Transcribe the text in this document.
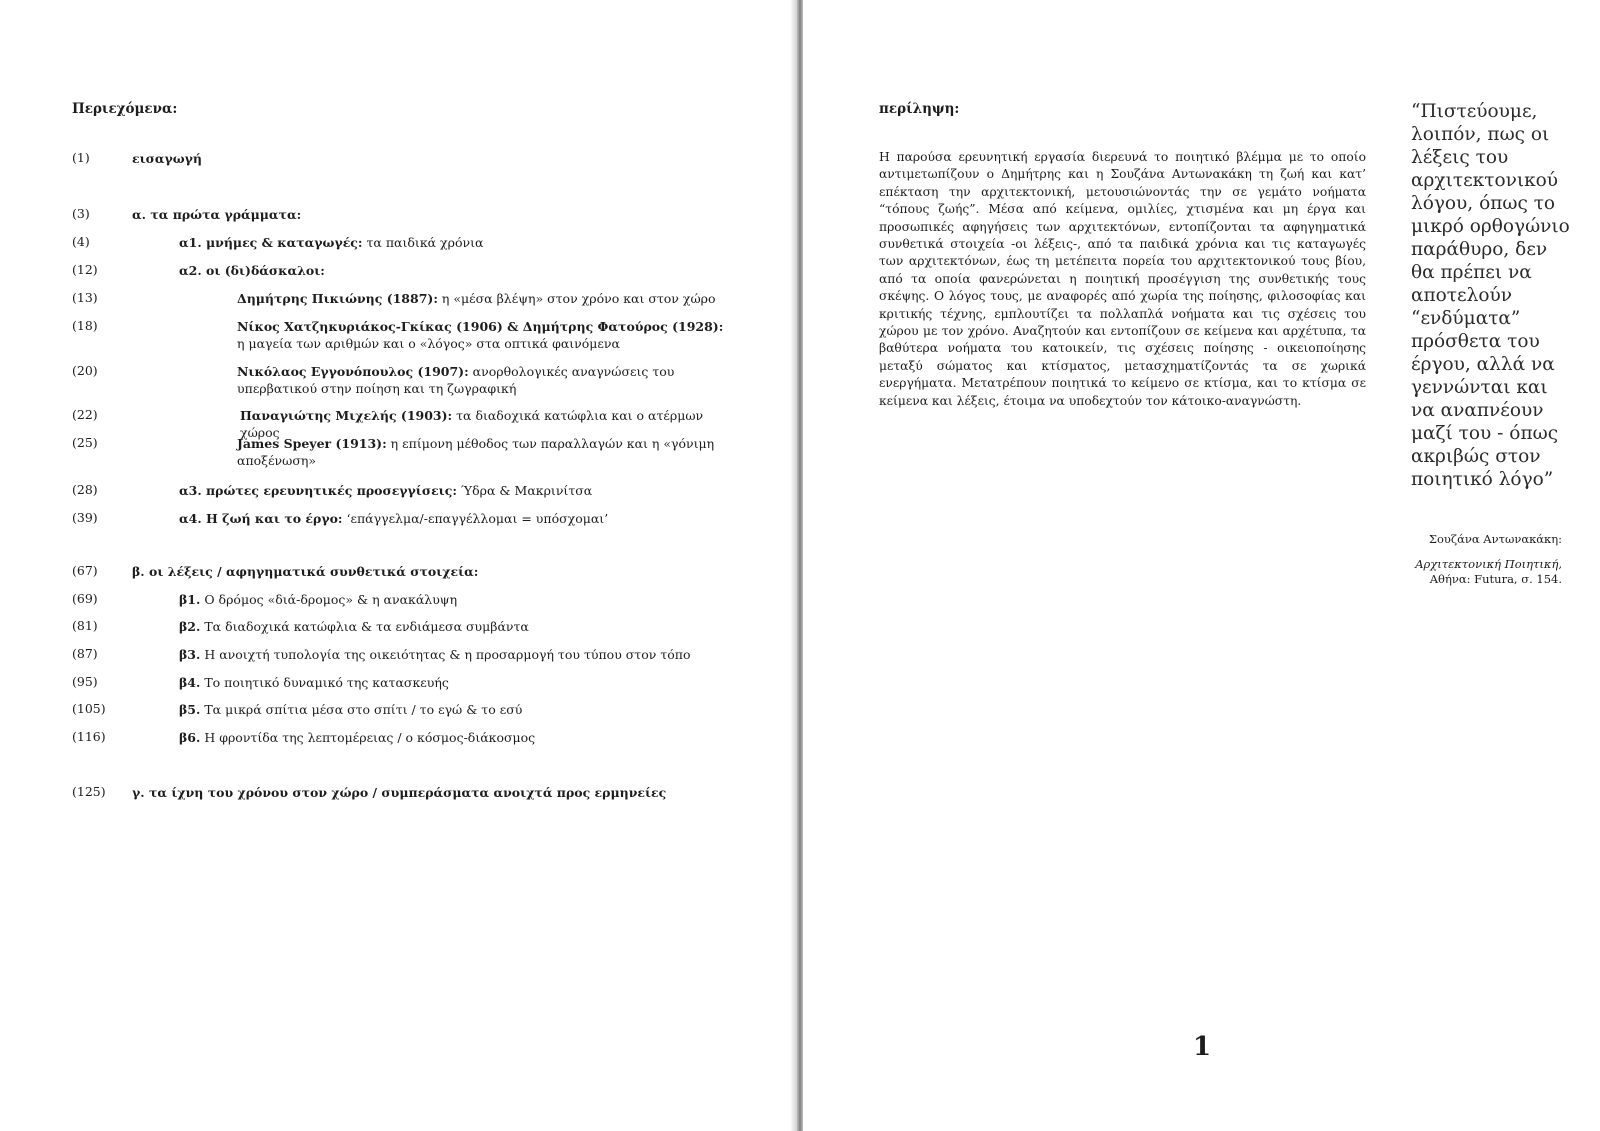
Περιεχόμενα:
(1)	εισαγωγή
(3)	α. τα πρώτα γράμματα:
(4)	α1. μνήμες & καταγωγές: τα παιδικά χρόνια
(12)	α2. οι (δι)δάσκαλοι:
(13)	Δημήτρης Πικιώνης (1887): η «μέσα βλέψη» στον χρόνο και στον χώρο
(18)	Νίκος Χατζηκυριάκος-Γκίκας (1906) & Δημήτρης Φατούρος (1928): η μαγεία των αριθμών και ο «λόγος» στα οπτικά φαινόμενα
(20)	Νικόλαος Εγγονόπουλος (1907): ανορθολογικές αναγνώσεις του υπερβατικού στην ποίηση και τη ζωγραφική
(22)	Παναγιώτης Μιχελής (1903): τα διαδοχικά κατώφλια και ο ατέρμων χώρος
(25)	James Speyer (1913): η επίμονη μέθοδος των παραλλαγών και η «γόνιμη αποξένωση»
(28)	α3. πρώτες ερευνητικές προσεγγίσεις: Ύδρα & Μακρινίτσα
(39)	α4. Η ζωή και το έργο: ‘επάγγελμα/-επαγγέλλομαι = υπόσχομαι’
(67)	β. οι λέξεις / αφηγηματικά συνθετικά στοιχεία:
(69)	β1. Ο δρόμος «διά-δρομος» & η ανακάλυψη
(81)	β2. Τα διαδοχικά κατώφλια & τα ενδιάμεσα συμβάντα
(87)	β3. Η ανοιχτή τυπολογία της οικειότητας & η προσαρμογή του τύπου στον τόπο
(95)	β4. Το ποιητικό δυναμικό της κατασκευής
(105)	β5. Τα μικρά σπίτια μέσα στο σπίτι / το εγώ & το εσύ
(116)	β6. Η φροντίδα της λεπτομέρειας / ο κόσμος-διάκοσμος
(125) γ. τα ίχνη του χρόνου στον χώρο / συμπεράσματα ανοιχτά προς ερμηνείες
περίληψη:

Η παρούσα ερευνητική εργασία διερευνά το ποιητικό βλέμμα με το οποίο αντιμετωπίζουν ο Δημήτρης και η Σουζάνα Αντωνακάκη τη ζωή και κατ’ επέκταση την αρχιτεκτονική, μετουσιώνοντάς την σε γεμάτο νοήματα “τόπους ζωής”. Μέσα από κείμενα, ομιλίες, χτισμένα και μη έργα και προσωπικές αφηγήσεις των αρχιτεκτόνων, εντοπίζονται τα αφηγηματικά συνθετικά στοιχεία -οι λέξεις-, από τα παιδικά χρόνια και τις καταγωγές των αρχιτεκτόνων, έως τη μετέπειτα πορεία του αρχιτεκτονικού τους βίου, από τα οποία φανερώνεται η ποιητική προσέγγιση της συνθετικής τους σκέψης. Ο λόγος τους, με αναφορές από χωρία της ποίησης, φιλοσοφίας και κριτικής τέχνης, εμπλουτίζει τα πολλαπλά νοήματα και τις σχέσεις του χώρου με τον χρόνο. Αναζητούν και εντοπίζουν σε κείμενα και αρχέτυπα, τα βαθύτερα νοήματα του κατοικείν, τις σχέσεις ποίησης - οικειοποίησης μεταξύ σώματος και κτίσματος, μετασχηματίζοντάς τα σε χωρικά ενεργήματα. Μετατρέπουν ποιητικά το κείμενο σε κτίσμα, και το κτίσμα σε κείμενα και λέξεις, έτοιμα να υποδεχτούν τον κάτοικο-αναγνώστη.

“Πιστεύουμε, λοιπόν, πως οι λέξεις του αρχιτεκτονικού λόγου, όπως το μικρό ορθογώνιο παράθυρο, δεν θα πρέπει να αποτελούν “ενδύματα” πρόσθετα του έργου, αλλά να γεννώνται και να αναπνέουν μαζί του - όπως ακριβώς στον ποιητικό λόγο”

Σουζάνα Αντωνακάκη:
Αρχιτεκτονική Ποιητική,
Αθήνα: Futura, σ. 154.
1
